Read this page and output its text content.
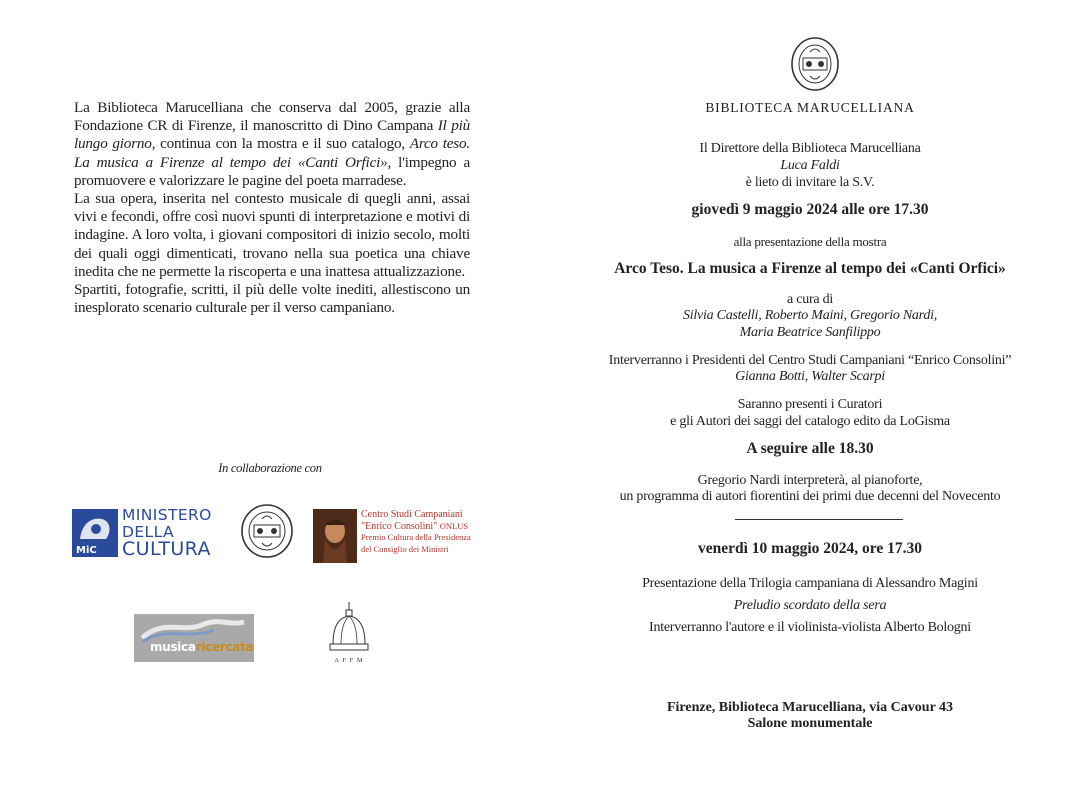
La Biblioteca Marucelliana che conserva dal 2005, grazie alla Fondazione CR di Firenze, il manoscritto di Dino Campana Il più lungo giorno, continua con la mostra e il suo catalogo, Arco teso. La musica a Firenze al tempo dei «Canti Orfici», l'impegno a promuovere e valorizzare le pagine del poeta marradese.

La sua opera, inserita nel contesto musicale di quegli anni, assai vivi e fecondi, offre così nuovi spunti di interpretazione e motivi di indagine. A loro volta, i giovani compositori di inizio secolo, molti dei quali oggi dimenticati, trovano nella sua poetica una chiave inedita che ne permette la riscoperta e una inattesa attualizzazione.

Spartiti, fotografie, scritti, il più delle volte inediti, allestiscono un inesplorato scenario culturale per il verso campaniano.

In collaborazione con
MiC
MINISTERO
DELLA
CULTURA
Centro Studi Campaniani
"Enrico Consolini" ONLUS
Premio Cultura della Presidenza
del Consiglio dei Ministri
musicaricercata
A F F M
BIBLIOTECA MARUCELLIANA
Il Direttore della Biblioteca Marucelliana
Luca Faldi
è lieto di invitare la S.V.
giovedì 9 maggio 2024 alle ore 17.30
alla presentazione della mostra
Arco Teso. La musica a Firenze al tempo dei «Canti Orfici»
a cura di
Silvia Castelli, Roberto Maini, Gregorio Nardi,
Maria Beatrice Sanfilippo
Interverranno i Presidenti del Centro Studi Campaniani “Enrico Consolini”
Gianna Botti, Walter Scarpi
Saranno presenti i Curatori
e gli Autori dei saggi del catalogo edito da LoGisma
A seguire alle 18.30
Gregorio Nardi interpreterà, al pianoforte,
un programma di autori fiorentini dei primi due decenni del Novecento
venerdì 10 maggio 2024, ore 17.30
Presentazione della Trilogia campaniana di Alessandro Magini
Preludio scordato della sera
Interverranno l'autore e il violinista-violista Alberto Bologni
Firenze, Biblioteca Marucelliana, via Cavour 43
Salone monumentale
